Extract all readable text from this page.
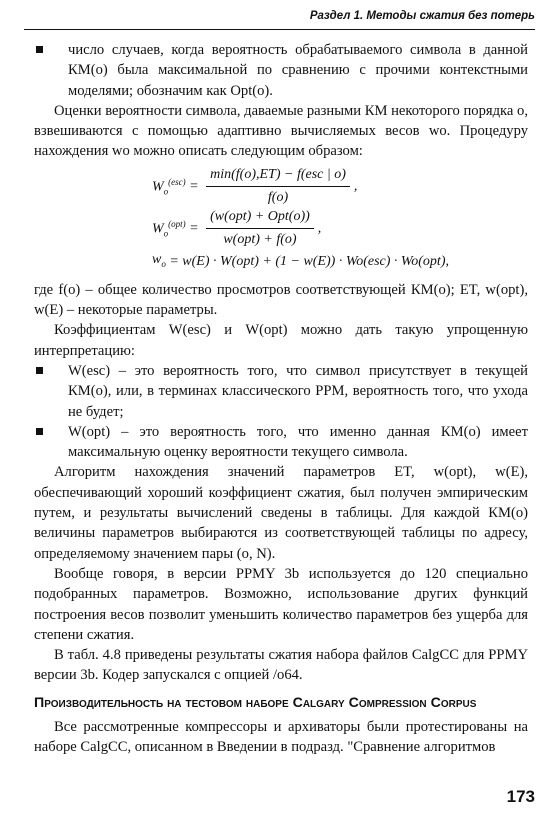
Раздел 1. Методы сжатия без потерь
число случаев, когда вероятность обрабатываемого символа в данной КМ(o) была максимальной по сравнению с прочими контекстными моделями; обозначим как Opt(o).

Оценки вероятности символа, даваемые разными КМ некоторого порядка o, взвешиваются с помощью адаптивно вычисляемых весов wo. Процедуру нахождения wo можно описать следующим образом:

$W_o^{(esc)} = \frac{\text{min(f(o),ET) − f(esc | o)}}{f(o)}$ ,
$W_o^{(opt)} = \frac{\text{(w(opt) + Opt(o))}}{\text{w(opt) + f(o)}}$ ,
$w_o = w(E) \cdot W(opt) + (1 - w(E)) \cdot Wo(esc) \cdot Wo(opt)$,

где f(o) – общее количество просмотров соответствующей КМ(o); ET, w(opt), w(E) – некоторые параметры.

Коэффициентам W(esc) и W(opt) можно дать такую упрощенную интерпретацию:

W(esc) – это вероятность того, что символ присутствует в текущей КМ(o), или, в терминах классического PPM, вероятность того, что ухода не будет;
W(opt) – это вероятность того, что именно данная КМ(o) имеет максимальную оценку вероятности текущего символа.

Алгоритм нахождения значений параметров ET, w(opt), w(E), обеспечивающий хороший коэффициент сжатия, был получен эмпирическим путем, и результаты вычислений сведены в таблицы. Для каждой КМ(o) величины параметров выбираются из соответствующей таблицы по адресу, определяемому значением пары (o, N).

Вообще говоря, в версии PPMY 3b используется до 120 специально подобранных параметров. Возможно, использование других функций построения весов позволит уменьшить количество параметров без ущерба для степени сжатия.

В табл. 4.8 приведены результаты сжатия набора файлов CalgCC для PPMY версии 3b. Кодер запускался с опцией /o64.

Производительность на тестовом наборе Calgary Compression Corpus

Все рассмотренные компрессоры и архиваторы были протестированы на наборе CalgCC, описанном в Введении в подразд. "Сравнение алгоритмов

173
